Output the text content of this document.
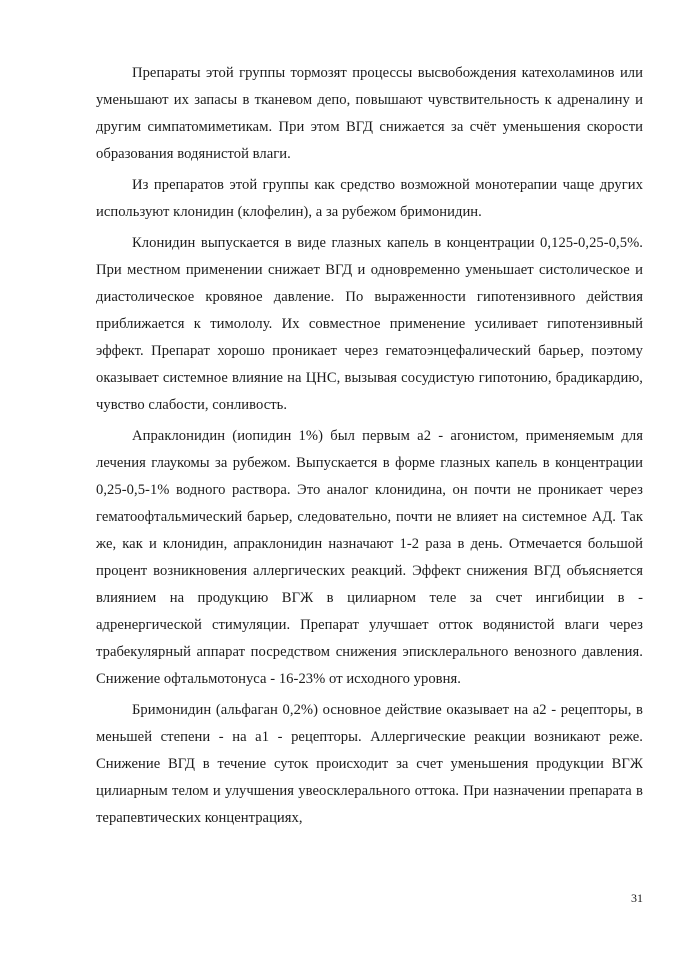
Препараты этой группы тормозят процессы высвобождения катехоламинов или уменьшают их запасы в тканевом депо, повышают чувствительность к адреналину и другим симпатомиметикам. При этом ВГД снижается за счёт уменьшения скорости образования водянистой влаги.

Из препаратов этой группы как средство возможной монотерапии чаще других используют клонидин (клофелин), а за рубежом бримонидин.

Клонидин выпускается в виде глазных капель в концентрации 0,125-0,25-0,5%. При местном применении снижает ВГД и одновременно уменьшает систолическое и диастолическое кровяное давление. По выраженности гипотензивного действия приближается к тимололу. Их совместное применение усиливает гипотензивный эффект. Препарат хорошо проникает через гематоэнцефалический барьер, поэтому оказывает системное влияние на ЦНС, вызывая сосудистую гипотонию, брадикардию, чувство слабости, сонливость.

Апраклонидин (иопидин 1%) был первым а2 - агонистом, применяемым для лечения глаукомы за рубежом. Выпускается в форме глазных капель в концентрации 0,25-0,5-1% водного раствора. Это аналог клонидина, он почти не проникает через гематоофтальмический барьер, следовательно, почти не влияет на системное АД. Так же, как и клонидин, апраклонидин назначают 1-2 раза в день. Отмечается большой процент возникновения аллергических реакций. Эффект снижения ВГД объясняется влиянием на продукцию ВГЖ в цилиарном теле за счет ингибиции в - адренергической стимуляции. Препарат улучшает отток водянистой влаги через трабекулярный аппарат посредством снижения эписклерального венозного давления. Снижение офтальмотонуса - 16-23% от исходного уровня.

Бримонидин (альфаган 0,2%) основное действие оказывает на а2 - рецепторы, в меньшей степени - на а1 - рецепторы. Аллергические реакции возникают реже. Снижение ВГД в течение суток происходит за счет уменьшения продукции ВГЖ цилиарным телом и улучшения увеосклерального оттока. При назначении препарата в терапевтических концентрациях,

31
